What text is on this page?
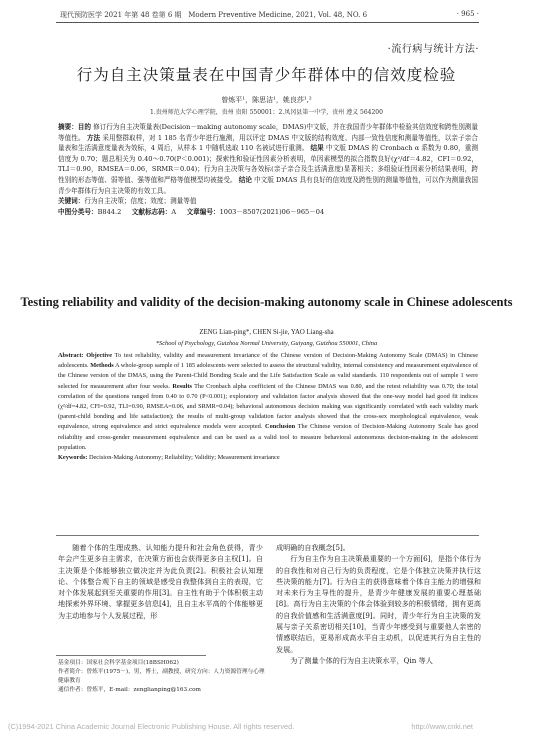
现代预防医学 2021 年第 48 卷第 6 期 Modern Preventive Medicine, 2021, Vol. 48, NO. 6	· 965 ·
·流行病与统计方法·
行为自主决策量表在中国青少年群体中的信效度检验
曾炼平¹，陈思洁¹，姚良莎¹,²
1.贵州师范大学心理学院，贵州 贵阳 550001；2.凤冈县第一中学，贵州 遵义 564200
摘要：目的 修订行为自主决策量表(Decision－making autonomy scale，DMAS)中文版，并在我国青少年群体中检验其信效度和跨性别测量等值性。 方法 采用整群取样，对 1 185 名青少年进行施测，用以评定 DMAS 中文版的结构效度、内部一致性信度和测量等值性，以亲子亲合量表和生活满意度量表为效标，4 周后，从样本 1 中随机选取 110 名被试进行重测。 结果 中文版 DMAS 的 Cronbach α 系数为 0.80，重测信度为 0.70；题总相关为 0.40～0.70(P＜0.001)；探索性和验证性因素分析表明，单因素模型的拟合指数良好(χ²/df＝4.82，CFI＝0.92，TLI＝0.90，RMSEA＝0.06，SRMR＝0.04)；行为自主决策与各效标(亲子亲合及生活满意度)显著相关；多组验证性因素分析结果表明，跨性别的形态等值、弱等值、强等值和严格等值模型均被接受。 结论 中文版 DMAS 具有良好的信效度及跨性别的测量等值性，可以作为测量我国青少年群体行为自主决策的有效工具。
关键词：行为自主决策；信度；效度；测量等值
中图分类号：B844.2 文献标志码：A 文章编号：1003－8507(2021)06－965－04
Testing reliability and validity of the decision-making autonomy scale in Chinese adolescents
ZENG Lian-ping*, CHEN Si-jie, YAO Liang-sha
*School of Psychology, Guizhou Normal University, Guiyang, Guizhou 550001, China
Abstract: Objective To test reliability, validity and measurement invariance of the Chinese version of Decision-Making Autonomy Scale (DMAS) in Chinese adolescents. Methods A whole-group sample of 1 185 adolescents were selected to assess the structural validity, internal consistency and measurement equivalence of the Chinese version of the DMAS, using the Parent-Child Bonding Scale and the Life Satisfaction Scale as valid standards. 110 respondents out of sample 1 were selected for measurement after four weeks. Results The Cronbach alpha coefficient of the Chinese DMAS was 0.80, and the retest reliability was 0.70; the total correlation of the questions ranged from 0.40 to 0.70 (P<0.001); exploratory and validation factor analysis showed that the one-way model had good fit indices (χ²/df=4.82, CFI=0.92, TLI=0.90, RMSEA=0.06, and SRMR=0.04); behavioral autonomous decision making was significantly correlated with each validity mark (parent-child bonding and life satisfaction); the results of multi-group validation factor analysis showed that the cross-sex morphological equivalence, weak equivalence, strong equivalence and strict equivalence models were accepted. Conclusion The Chinese version of Decision-Making Autonomy Scale has good reliability and cross-gender measurement equivalence and can be used as a valid tool to measure behavioral autonomous decision-making in the adolescent population.
Keywords: Decision-Making Autonomy; Reliability; Validity; Measurement invariance

随着个体的生理成熟、认知能力提升和社会角色获得，青少年会产生更多自主需求，在决策方面也会获得更多自主权[1]。自主决策是个体能够独立做决定并为此负责[2]。积极社会认知理论、个体整合观下自主的领域是感受自我整体到自主的表现，它对个体发展起到至关重要的作用[3]。自主性有助于个体积极主动地探索外界环境、掌握更多信息[4]，且自主水平高的个体能够更为主动地参与个人发展过程，形

成明确的自我概念[5]。

行为自主作为自主决策最重要的一个方面[6]，是指个体行为的自我性和对自己行为的负责程度，它是个体独立决策并执行这些决策的能力[7]。行为自主的获得意味着个体自主能力的增强和对未来行为主导性的提升，是青少年健康发展的重要心理基础[8]。高行为自主决策的个体会体验到较多的积极情绪，拥有更高的自我价值感和生活满意度[9]。同时，青少年行为自主决策的发展与亲子关系密切相关[10]，当青少年感受到与重要他人亲密的情感联结后，更易形成高水平自主动机，以促进其行为自主性的发展。

为了测量个体的行为自主决策水平，Qin 等人

基金项目：国家社会科学基金项目(18BSH062)
作者简介：曾炼平(1975－)，男，博士，副教授，研究方向：人力资源管理与心理健康教育
通信作者：曾炼平，E-mail：zenglianping@163.com
(C)1994-2021 China Academic Journal Electronic Publishing House. All rights reserved.	http://www.cnki.net
